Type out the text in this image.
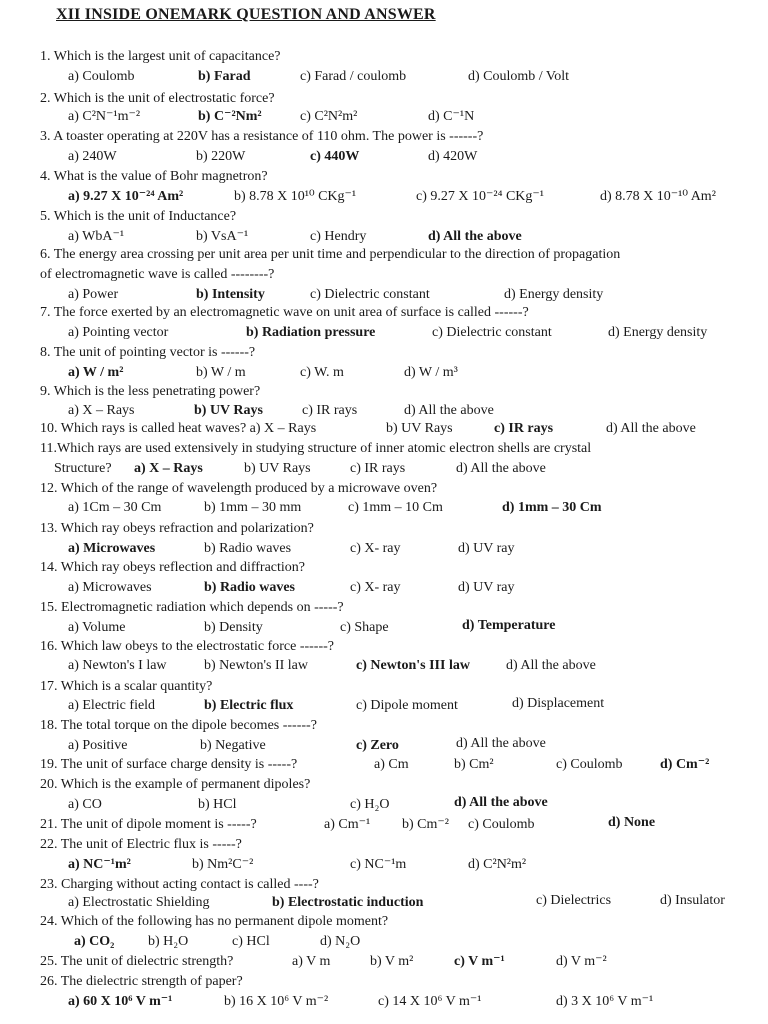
XII INSIDE ONEMARK QUESTION AND ANSWER
1. Which is the largest unit of capacitance?
a) Coulomb	b) Farad	c) Farad / coulomb	d) Coulomb / Volt
2. Which is the unit of electrostatic force?
a) C²N⁻¹m⁻²	b) C⁻²Nm²	c) C²N²m²	d) C⁻¹N
3. A toaster operating at 220V has a resistance of 110 ohm. The power is ------?
a) 240W	b) 220W	c) 440W	d) 420W
4. What is the value of Bohr magnetron?
a) 9.27 X 10⁻²⁴ Am²	b) 8.78 X 10¹⁰ CKg⁻¹	c) 9.27 X 10⁻²⁴ CKg⁻¹	d) 8.78 X 10⁻¹⁰ Am²
5. Which is the unit of Inductance?
a) WbA⁻¹	b) VsA⁻¹	c) Hendry	d) All the above
6. The energy area crossing per unit area per unit time and perpendicular to the direction of propagation
of electromagnetic wave is called --------?
a) Power	b) Intensity	c) Dielectric constant	d) Energy density
7. The force exerted by an electromagnetic wave on unit area of surface is called ------?
a) Pointing vector	b) Radiation pressure	c) Dielectric constant	d) Energy density
8. The unit of pointing vector is ------?
a) W / m²	b) W / m	c) W. m	d) W / m³
9. Which is the less penetrating power?
a) X – Rays	b) UV Rays	c) IR rays	d) All the above
10. Which rays is called heat waves? a) X – Rays	b) UV Rays	c) IR rays	d) All the above
11.Which rays are used extensively in studying structure of inner atomic electron shells are crystal
Structure? a) X – Rays	b) UV Rays	c) IR rays	d) All the above
12. Which of the range of wavelength produced by a microwave oven?
a) 1Cm – 30 Cm	b) 1mm – 30 mm	c) 1mm – 10 Cm	d) 1mm – 30 Cm
13. Which ray obeys refraction and polarization?
a) Microwaves	b) Radio waves	c) X- ray	d) UV ray
14. Which ray obeys reflection and diffraction?
a) Microwaves	b) Radio waves	c) X- ray	d) UV ray
15. Electromagnetic radiation which depends on -----?
a) Volume	b) Density	c) Shape	d) Temperature
16. Which law obeys to the electrostatic force ------?
a) Newton's I law	b) Newton's II law	c) Newton's III law	d) All the above
17. Which is a scalar quantity?
a) Electric field	b) Electric flux	c) Dipole moment	d) Displacement
18. The total torque on the dipole becomes ------?
a) Positive	b) Negative	c) Zero	d) All the above
19. The unit of surface charge density is -----?	a) Cm	b) Cm²	c) Coulomb	d) Cm⁻²
20. Which is the example of permanent dipoles?
a) CO	b) HCl	c) H₂O	d) All the above
21. The unit of dipole moment is -----?	a) Cm⁻¹ b) Cm⁻² c) Coulomb	d) None
22. The unit of Electric flux is -----?
a) NC⁻¹m²	b) Nm²C⁻²	c) NC⁻¹m	d) C²N²m²
23. Charging without acting contact is called ----?
a) Electrostatic Shielding	b) Electrostatic induction	c) Dielectrics	d) Insulator
24. Which of the following has no permanent dipole moment?
a) CO₂ b) H₂O	c) HCl	d) N₂O
25. The unit of dielectric strength?	a) V m	b) V m²	c) V m⁻¹	d) V m⁻²
26. The dielectric strength of paper?
a) 60 X 10⁶ V m⁻¹	b) 16 X 10⁶ V m⁻²	c) 14 X 10⁶ V m⁻¹	d) 3 X 10⁶ V m⁻¹
